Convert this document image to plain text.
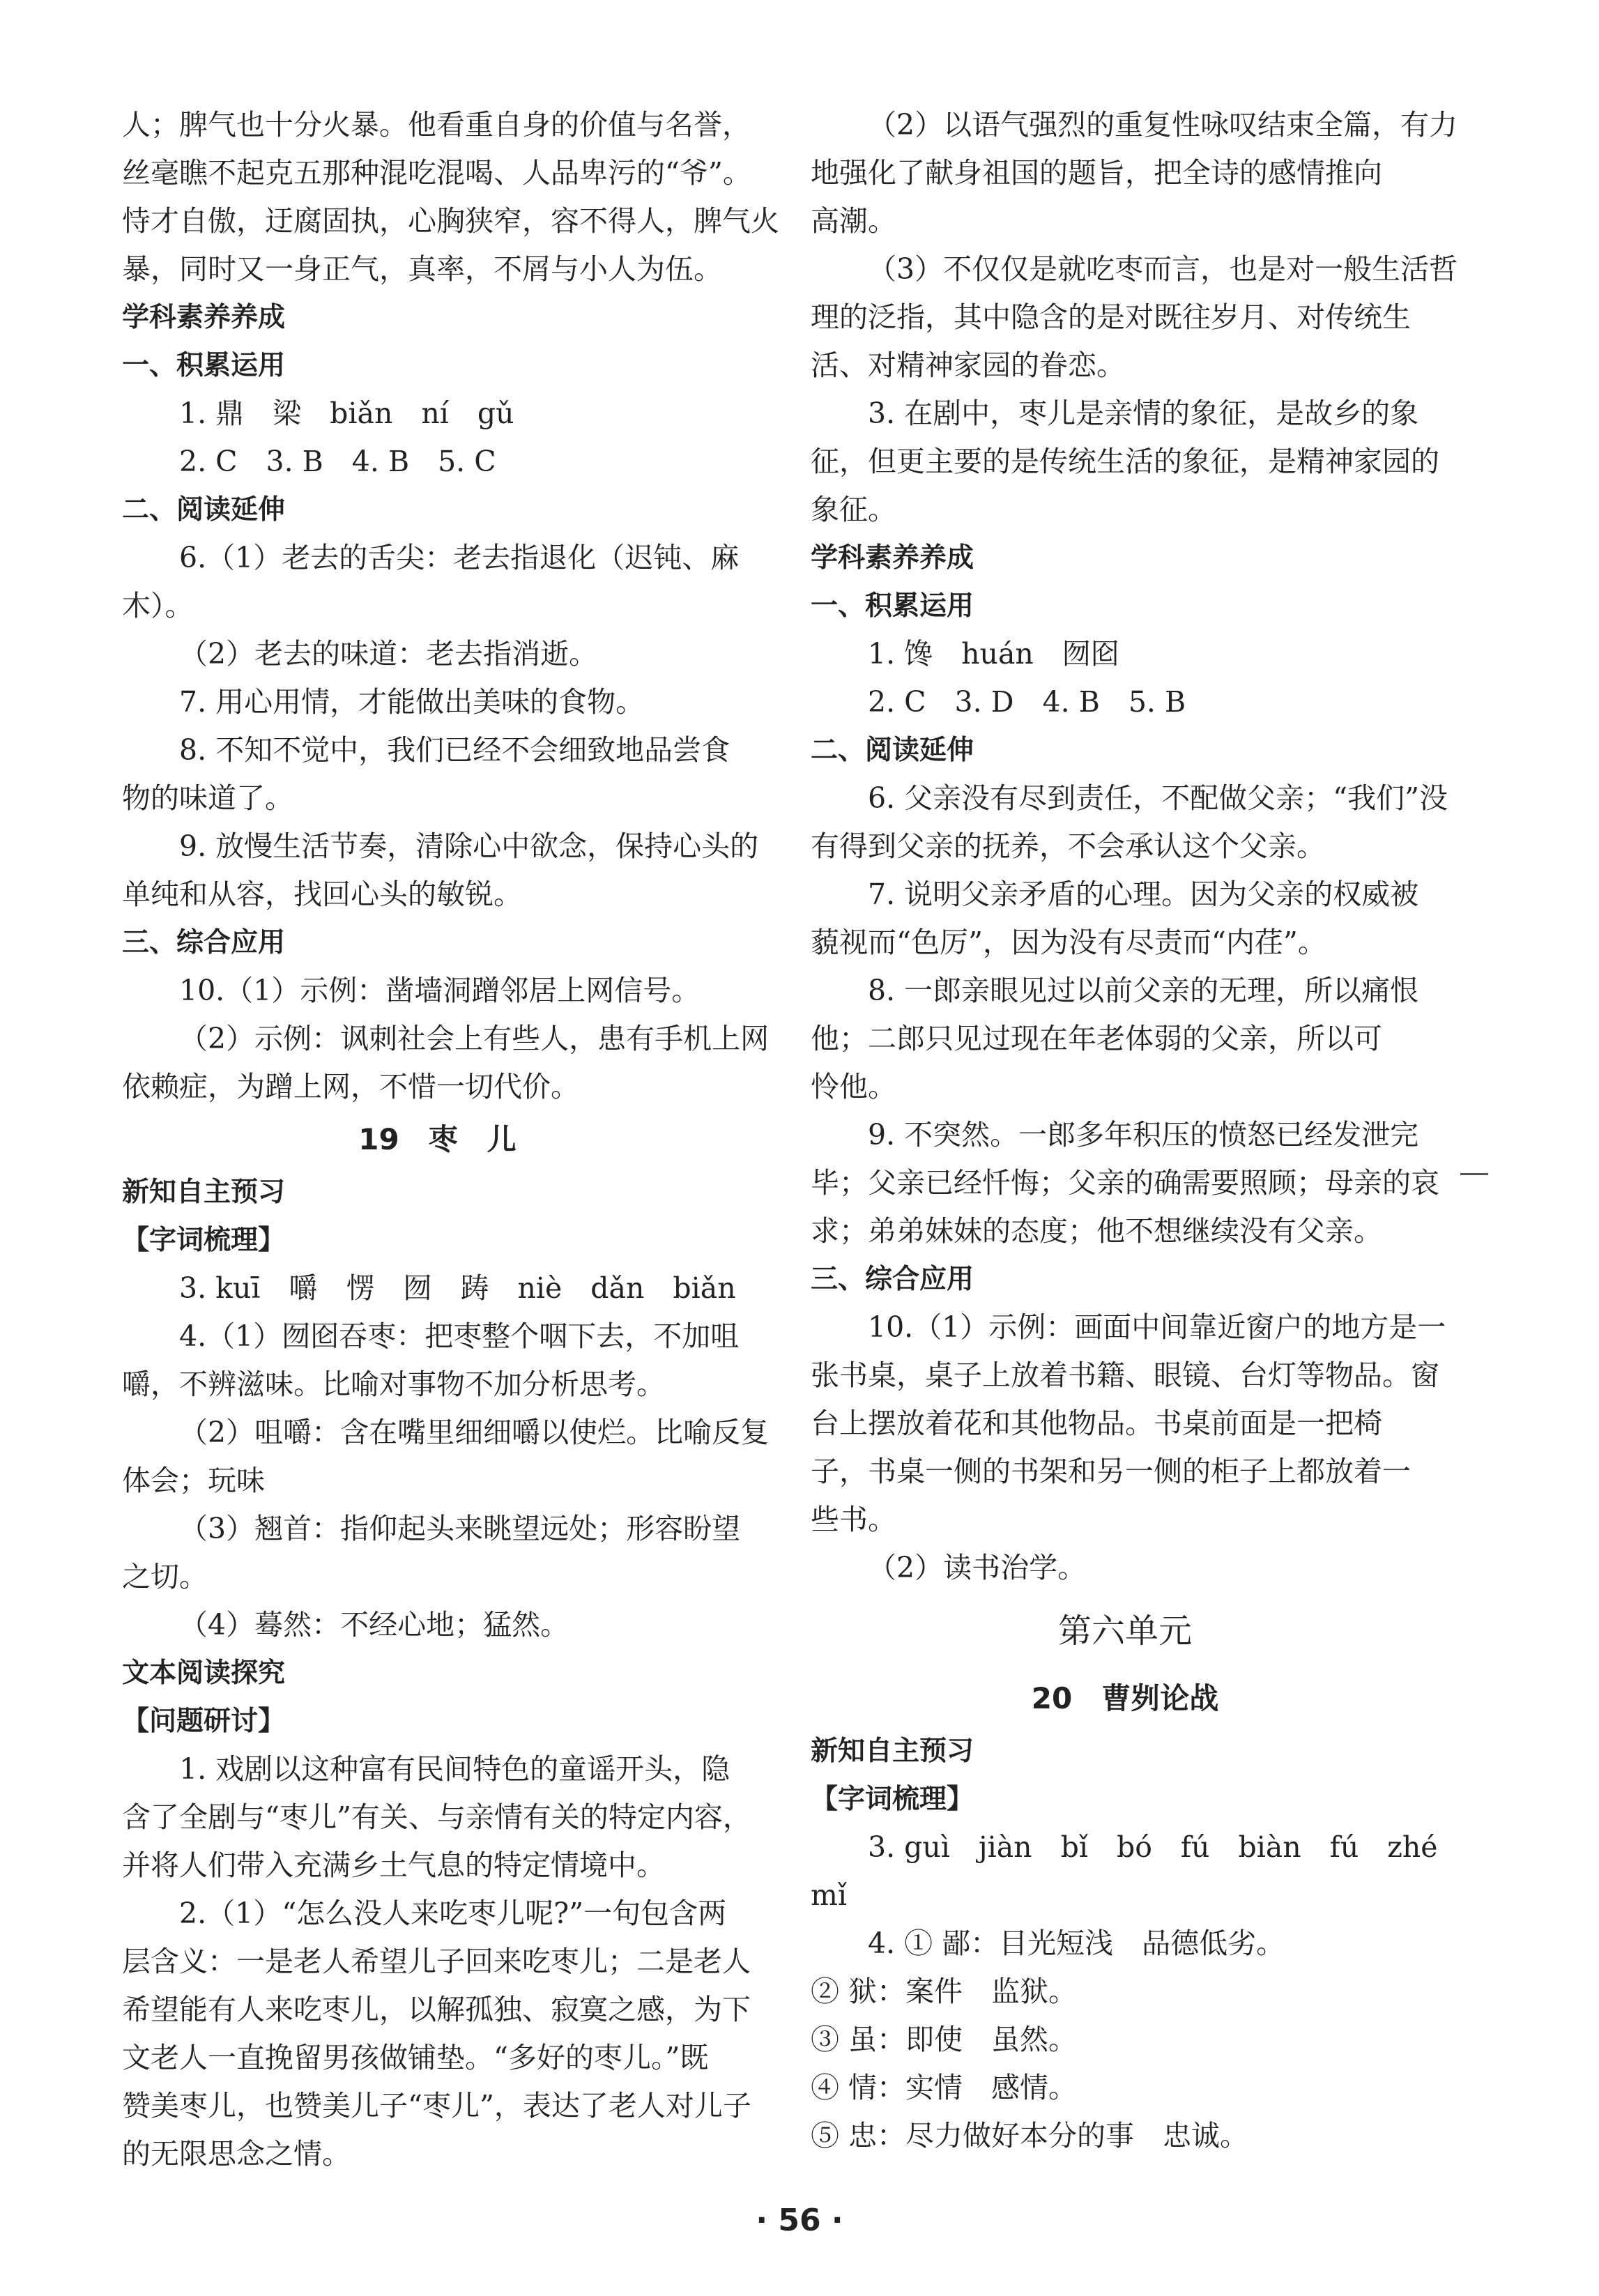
人；脾气也十分火暴。他看重自身的价值与名誉，
丝毫瞧不起克五那种混吃混喝、人品卑污的“爷”。
恃才自傲，迂腐固执，心胸狭窄，容不得人，脾气火
暴，同时又一身正气，真率，不屑与小人为伍。
学科素养养成
一、积累运用
1. 鼎　梁　biǎn　ní　gǔ
2. C　3. B　4. B　5. C
二、阅读延伸
6.（1）老去的舌尖：老去指退化（迟钝、麻
木）。
（2）老去的味道：老去指消逝。
7. 用心用情，才能做出美味的食物。
8. 不知不觉中，我们已经不会细致地品尝食
物的味道了。
9. 放慢生活节奏，清除心中欲念，保持心头的
单纯和从容，找回心头的敏锐。
三、综合应用
10.（1）示例：凿墙洞蹭邻居上网信号。
（2）示例：讽刺社会上有些人，患有手机上网
依赖症，为蹭上网，不惜一切代价。
19　枣　儿
新知自主预习
【字词梳理】
3. kuī　嚼　愣　囫　踌　niè　dǎn　biǎn
4.（1）囫囵吞枣：把枣整个咽下去，不加咀
嚼，不辨滋味。比喻对事物不加分析思考。
（2）咀嚼：含在嘴里细细嚼以使烂。比喻反复
体会；玩味
（3）翘首：指仰起头来眺望远处；形容盼望
之切。
（4）蓦然：不经心地；猛然。
文本阅读探究
【问题研讨】
1. 戏剧以这种富有民间特色的童谣开头，隐
含了全剧与“枣儿”有关、与亲情有关的特定内容，
并将人们带入充满乡土气息的特定情境中。
2.（1）“怎么没人来吃枣儿呢?”一句包含两
层含义：一是老人希望儿子回来吃枣儿；二是老人
希望能有人来吃枣儿，以解孤独、寂寞之感，为下
文老人一直挽留男孩做铺垫。“多好的枣儿。”既
赞美枣儿，也赞美儿子“枣儿”，表达了老人对儿子
的无限思念之情。
（2）以语气强烈的重复性咏叹结束全篇，有力
地强化了献身祖国的题旨，把全诗的感情推向
高潮。
（3）不仅仅是就吃枣而言，也是对一般生活哲
理的泛指，其中隐含的是对既往岁月、对传统生
活、对精神家园的眷恋。
3. 在剧中，枣儿是亲情的象征，是故乡的象
征，但更主要的是传统生活的象征，是精神家园的
象征。
学科素养养成
一、积累运用
1. 馋　huán　囫囵
2. C　3. D　4. B　5. B
二、阅读延伸
6. 父亲没有尽到责任，不配做父亲；“我们”没
有得到父亲的抚养，不会承认这个父亲。
7. 说明父亲矛盾的心理。因为父亲的权威被
藐视而“色厉”，因为没有尽责而“内荏”。
8. 一郎亲眼见过以前父亲的无理，所以痛恨
他；二郎只见过现在年老体弱的父亲，所以可
怜他。
9. 不突然。一郎多年积压的愤怒已经发泄完
毕；父亲已经忏悔；父亲的确需要照顾；母亲的哀
求；弟弟妹妹的态度；他不想继续没有父亲。
三、综合应用
10.（1）示例：画面中间靠近窗户的地方是一
张书桌，桌子上放着书籍、眼镜、台灯等物品。窗
台上摆放着花和其他物品。书桌前面是一把椅
子，书桌一侧的书架和另一侧的柜子上都放着一
些书。
（2）读书治学。
第六单元
20　曹刿论战
新知自主预习
【字词梳理】
3. guì　jiàn　bǐ　bó　fú　biàn　fú　zhé
mǐ
4. ① 鄙：目光短浅　品德低劣。
② 狱：案件　监狱。
③ 虽：即使　虽然。
④ 情：实情　感情。
⑤ 忠：尽力做好本分的事　忠诚。
· 56 ·
